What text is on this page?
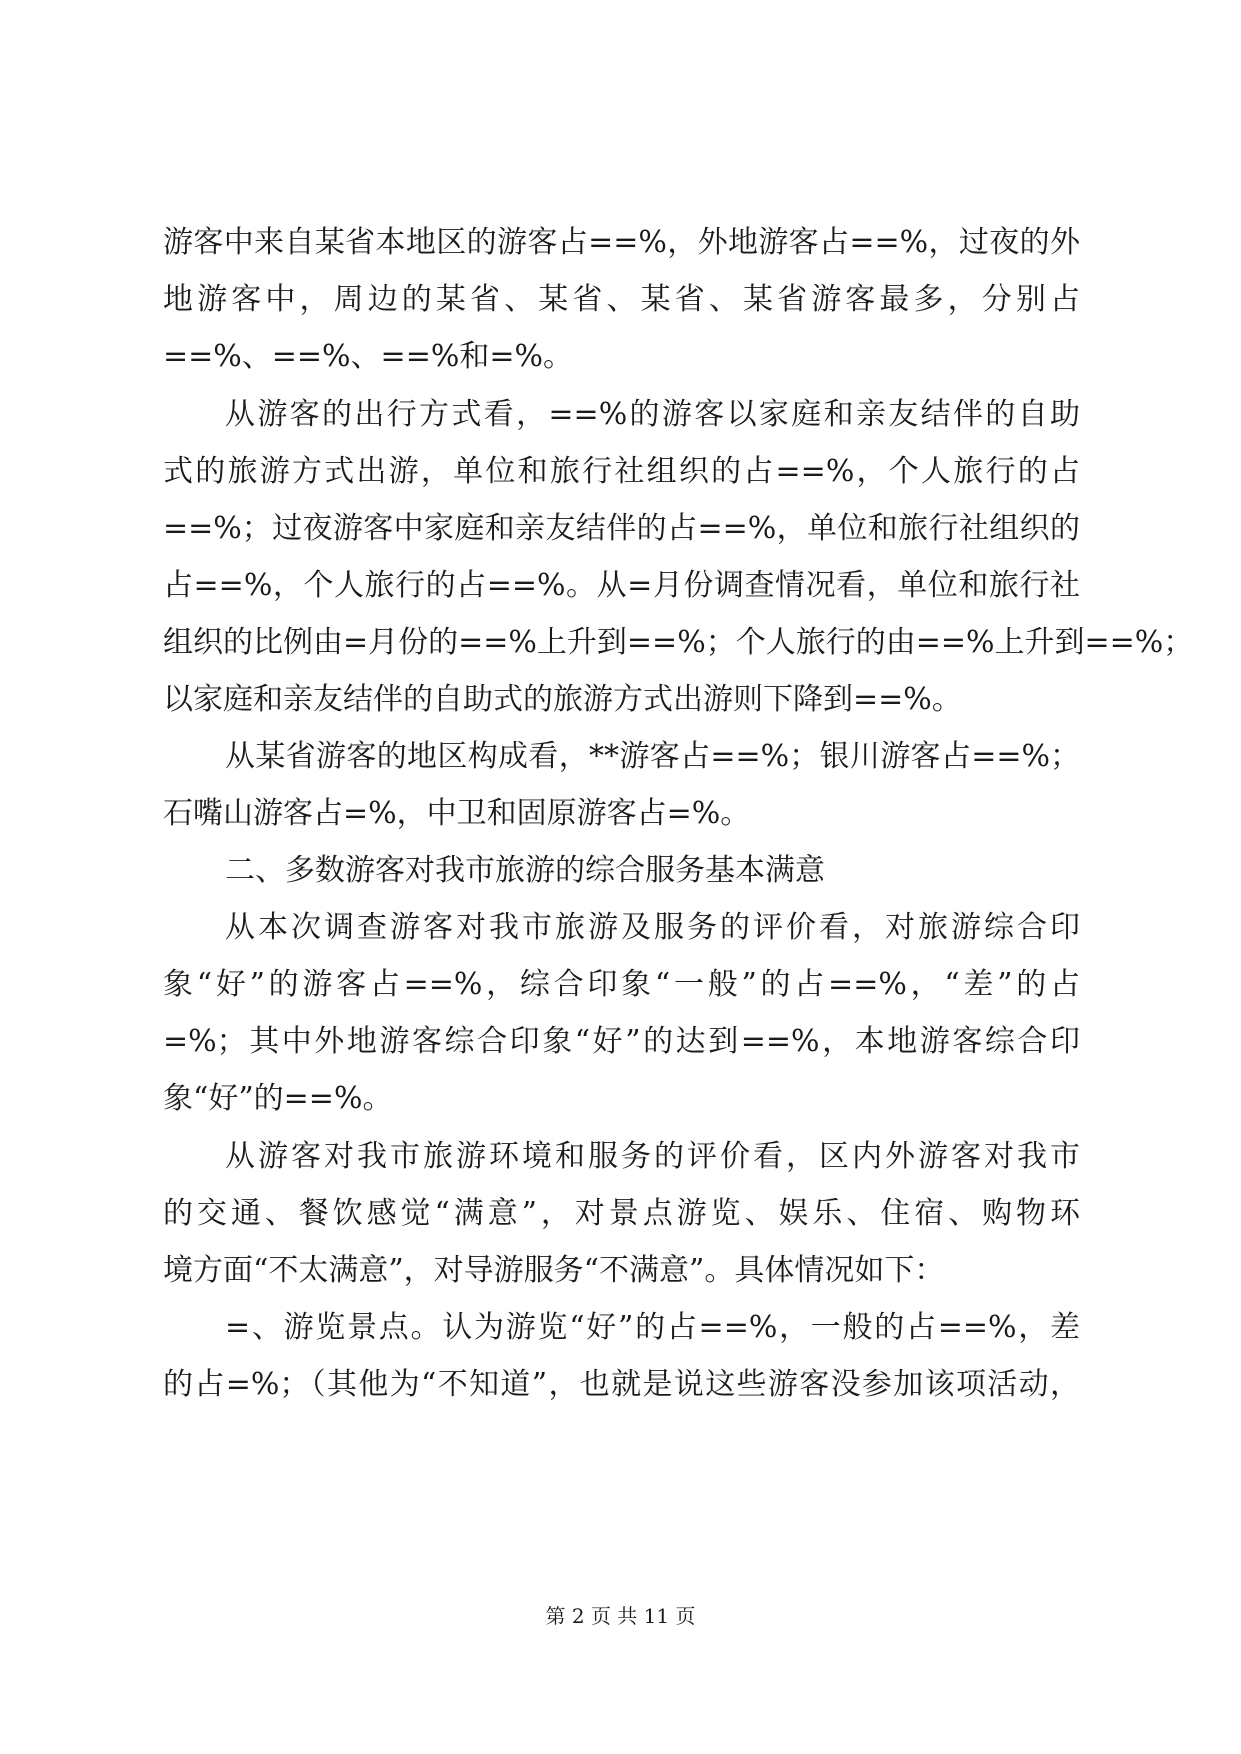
游客中来自某省本地区的游客占==%，外地游客占==%，过夜的外
地游客中，周边的某省、某省、某省、某省游客最多，分别占
==%、==%、==%和=%。
从游客的出行方式看，==%的游客以家庭和亲友结伴的自助
式的旅游方式出游，单位和旅行社组织的占==%，个人旅行的占
==%；过夜游客中家庭和亲友结伴的占==%，单位和旅行社组织的
占==%，个人旅行的占==%。从=月份调查情况看，单位和旅行社
组织的比例由=月份的==%上升到==%；个人旅行的由==%上升到==%；
以家庭和亲友结伴的自助式的旅游方式出游则下降到==%。
从某省游客的地区构成看，**游客占==%；银川游客占==%；
石嘴山游客占=%，中卫和固原游客占=%。
二、多数游客对我市旅游的综合服务基本满意
从本次调查游客对我市旅游及服务的评价看，对旅游综合印
象“好”的游客占==%，综合印象“一般”的占==%，“差”的占
=%；其中外地游客综合印象“好”的达到==%，本地游客综合印
象“好”的==%。
从游客对我市旅游环境和服务的评价看，区内外游客对我市
的交通、餐饮感觉“满意”，对景点游览、娱乐、住宿、购物环
境方面“不太满意”，对导游服务“不满意”。具体情况如下：
=、游览景点。认为游览“好”的占==%，一般的占==%，差
的占=%；（其他为“不知道”，也就是说这些游客没参加该项活动，
第 2 页 共 11 页
